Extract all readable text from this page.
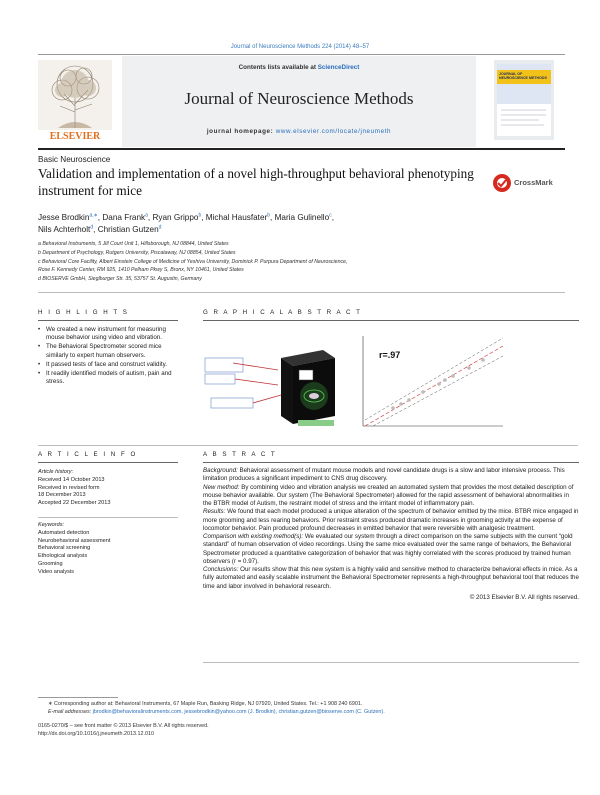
Journal of Neuroscience Methods 224 (2014) 48–57
ELSEVIER
Contents lists available at ScienceDirect
Journal of Neuroscience Methods
journal homepage: www.elsevier.com/locate/jneumeth
JOURNAL OF NEUROSCIENCE METHODS
Basic Neuroscience
Validation and implementation of a novel high-throughput behavioral phenotyping instrument for mice	CrossMark
Jesse Brodkin$^{a,∗}$, Dana Frank$^a$, Ryan Grippo$^b$, Michal Hausfater$^b$, Maria Gulinello$^c$,
Nils Achterholt$^d$, Christian Gutzen$^d$
a Behavioral Instruments, 5 Jill Court Unit 1, Hillsborough, NJ 08844, United States
b Department of Psychology, Rutgers University, Piscataway, NJ 08854, United States
c Behavioral Core Facility, Albert Einstein College of Medicine of Yeshiva University, Dominick P. Purpura Department of Neuroscience,
Rose F. Kennedy Center, RM 925, 1410 Pelham Pkwy S, Bronx, NY 10461, United States
d BIOSERVE GmbH, Sieglburger Str. 35, 53757 St. Augustin, Germany
H I G H L I G H T S
• We created a new instrument for measuring mouse behavior using video and vibration.
• The Behavioral Spectrometer scored mice similarly to expert human observers.
• It passed tests of face and construct validity.
• It readily identified models of autism, pain and stress.
G R A P H I C A L A B S T R A C T
r=.97
A R T I C L E I N F O
Article history:
Received 14 October 2013
Received in revised form
18 December 2013
Accepted 22 December 2013
Keywords:
Automated detection
Neurobehavioral assessment
Behavioral screening
Ethological analysis
Grooming
Video analysis
A B S T R A C T

Background: Behavioral assessment of mutant mouse models and novel candidate drugs is a slow and labor intensive process. This limitation produces a significant impediment to CNS drug discovery.

New method: By combining video and vibration analysis we created an automated system that provides the most detailed description of mouse behavior available. Our system (The Behavioral Spectrometer) allowed for the rapid assessment of behavioral abnormalities in the BTBR model of Autism, the restraint model of stress and the irritant model of inflammatory pain.

Results: We found that each model produced a unique alteration of the spectrum of behavior emitted by the mice. BTBR mice engaged in more grooming and less rearing behaviors. Prior restraint stress produced dramatic increases in grooming activity at the expense of locomotor behavior. Pain produced profound decreases in emitted behavior that were reversible with analgesic treatment.

Comparison with existing method(s): We evaluated our system through a direct comparison on the same subjects with the current “gold standard” of human observation of video recordings. Using the same mice evaluated over the same range of behaviors, the Behavioral Spectrometer produced a quantitative categorization of behavior that was highly correlated with the scores produced by trained human observers (r = 0.97).

Conclusions: Our results show that this new system is a highly valid and sensitive method to characterize behavioral effects in mice. As a fully automated and easily scalable instrument the Behavioral Spectrometer represents a high-throughput behavioral tool that reduces the time and labor involved in behavioral research.

© 2013 Elsevier B.V. All rights reserved.

∗ Corresponding author at: Behavioral Instruments, 67 Maple Run, Basking Ridge, NJ 07920, United States. Tel.: +1 908 240 6901.
E-mail addresses: jbrodkin@behavioralinstruments.com, jessebrodkin@yahoo.com (J. Brodkin), christian.gutzen@bioserve.com (C. Gutzen).
0165-0270/$ – see front matter © 2013 Elsevier B.V. All rights reserved.
http://dx.doi.org/10.1016/j.jneumeth.2013.12.010
